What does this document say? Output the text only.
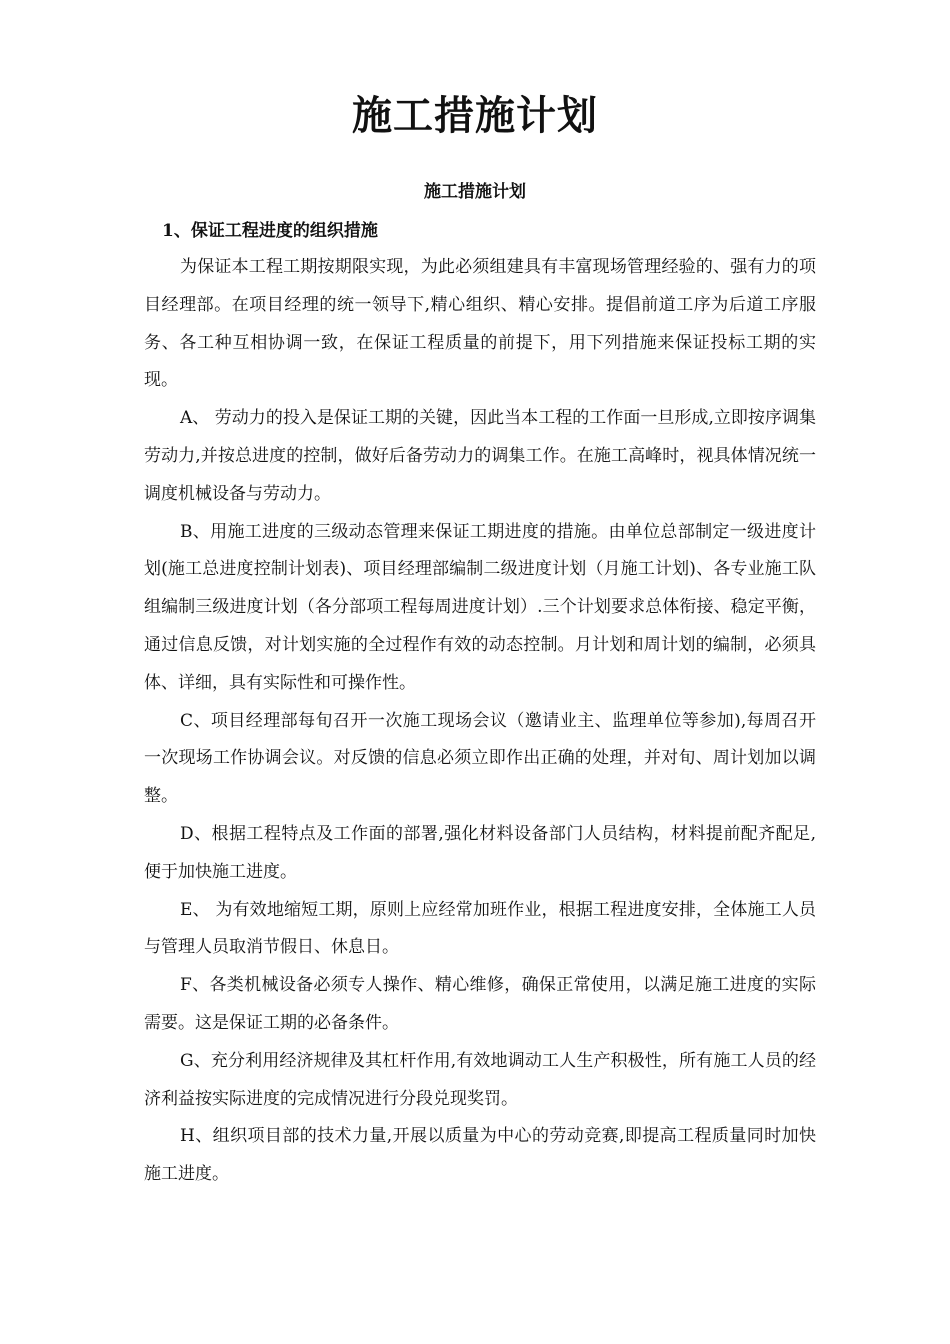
施工措施计划
施工措施计划

1、保证工程进度的组织措施

为保证本工程工期按期限实现，为此必须组建具有丰富现场管理经验的、强有力的项目经理部。在项目经理的统一领导下,精心组织、精心安排。提倡前道工序为后道工序服务、各工种互相协调一致，在保证工程质量的前提下，用下列措施来保证投标工期的实现。

A、 劳动力的投入是保证工期的关键，因此当本工程的工作面一旦形成,立即按序调集劳动力,并按总进度的控制，做好后备劳动力的调集工作。在施工高峰时，视具体情况统一调度机械设备与劳动力。

B、用施工进度的三级动态管理来保证工期进度的措施。由单位总部制定一级进度计划(施工总进度控制计划表)、项目经理部编制二级进度计划（月施工计划)、各专业施工队组编制三级进度计划（各分部项工程每周进度计划）.三个计划要求总体衔接、稳定平衡，通过信息反馈，对计划实施的全过程作有效的动态控制。月计划和周计划的编制，必须具体、详细，具有实际性和可操作性。

C、项目经理部每旬召开一次施工现场会议（邀请业主、监理单位等参加),每周召开一次现场工作协调会议。对反馈的信息必须立即作出正确的处理，并对旬、周计划加以调整。

D、根据工程特点及工作面的部署,强化材料设备部门人员结构，材料提前配齐配足,便于加快施工进度。

E、 为有效地缩短工期，原则上应经常加班作业，根据工程进度安排，全体施工人员与管理人员取消节假日、休息日。

F、各类机械设备必须专人操作、精心维修，确保正常使用，以满足施工进度的实际需要。这是保证工期的必备条件。

G、充分利用经济规律及其杠杆作用,有效地调动工人生产积极性，所有施工人员的经济利益按实际进度的完成情况进行分段兑现奖罚。

H、组织项目部的技术力量,开展以质量为中心的劳动竞赛,即提高工程质量同时加快施工进度。
